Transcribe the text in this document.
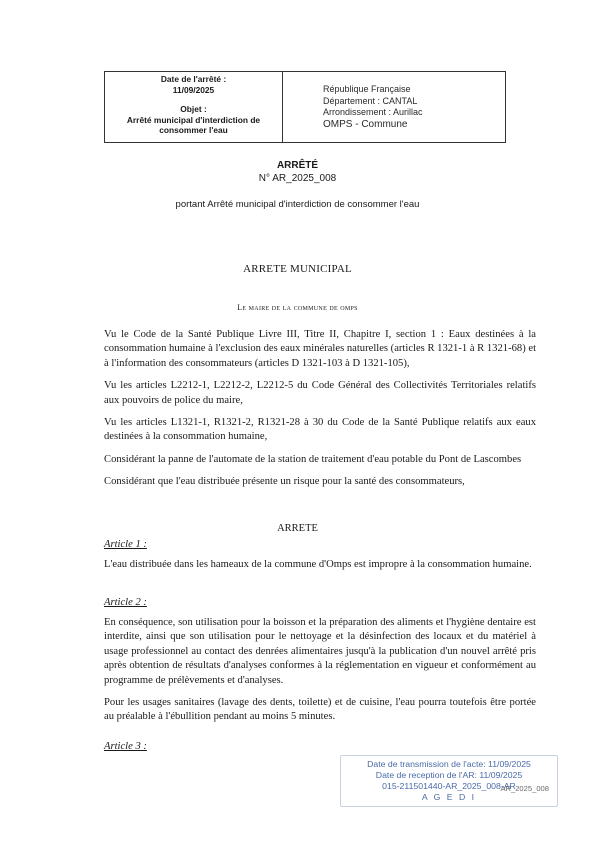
Date de l'arrêté :
11/09/2025
Objet :
Arrêté municipal d'interdiction de
consommer l'eau
République Française
Département : CANTAL
Arrondissement : Aurillac
OMPS - Commune
ARRÊTÉ
N° AR_2025_008
portant Arrêté municipal d'interdiction de consommer l'eau
ARRETE MUNICIPAL
Le maire de la commune de omps

Vu le Code de la Santé Publique Livre III, Titre II, Chapitre I, section 1 : Eaux destinées à la consommation humaine à l'exclusion des eaux minérales naturelles (articles R 1321-1 à R 1321-68) et à l'information des consommateurs (articles D 1321-103 à D 1321-105),

Vu les articles L2212-1, L2212-2, L2212-5 du Code Général des Collectivités Territoriales relatifs aux pouvoirs de police du maire,

Vu les articles L1321-1, R1321-2, R1321-28 à 30 du Code de la Santé Publique relatifs aux eaux destinées à la consommation humaine,

Considérant la panne de l'automate de la station de traitement d'eau potable du Pont de Lascombes

Considérant que l'eau distribuée présente un risque pour la santé des consommateurs,

ARRETE
Article 1 :

L'eau distribuée dans les hameaux de la commune d'Omps est impropre à la consommation humaine.

Article 2 :

En conséquence, son utilisation pour la boisson et la préparation des aliments et l'hygiène dentaire est interdite, ainsi que son utilisation pour le nettoyage et la désinfection des locaux et du matériel à usage professionnel au contact des denrées alimentaires jusqu'à la publication d'un nouvel arrêté pris après obtention de résultats d'analyses conformes à la réglementation en vigueur et conformément au programme de prélèvements et d'analyses.

Pour les usages sanitaires (lavage des dents, toilette) et de cuisine, l'eau pourra toutefois être portée au préalable à l'ébullition pendant au moins 5 minutes.

Article 3 :
Date de transmission de l'acte: 11/09/2025
Date de reception de l'AR: 11/09/2025
015-211501440-AR_2025_008-AR
A G E D I
AR_2025_008
